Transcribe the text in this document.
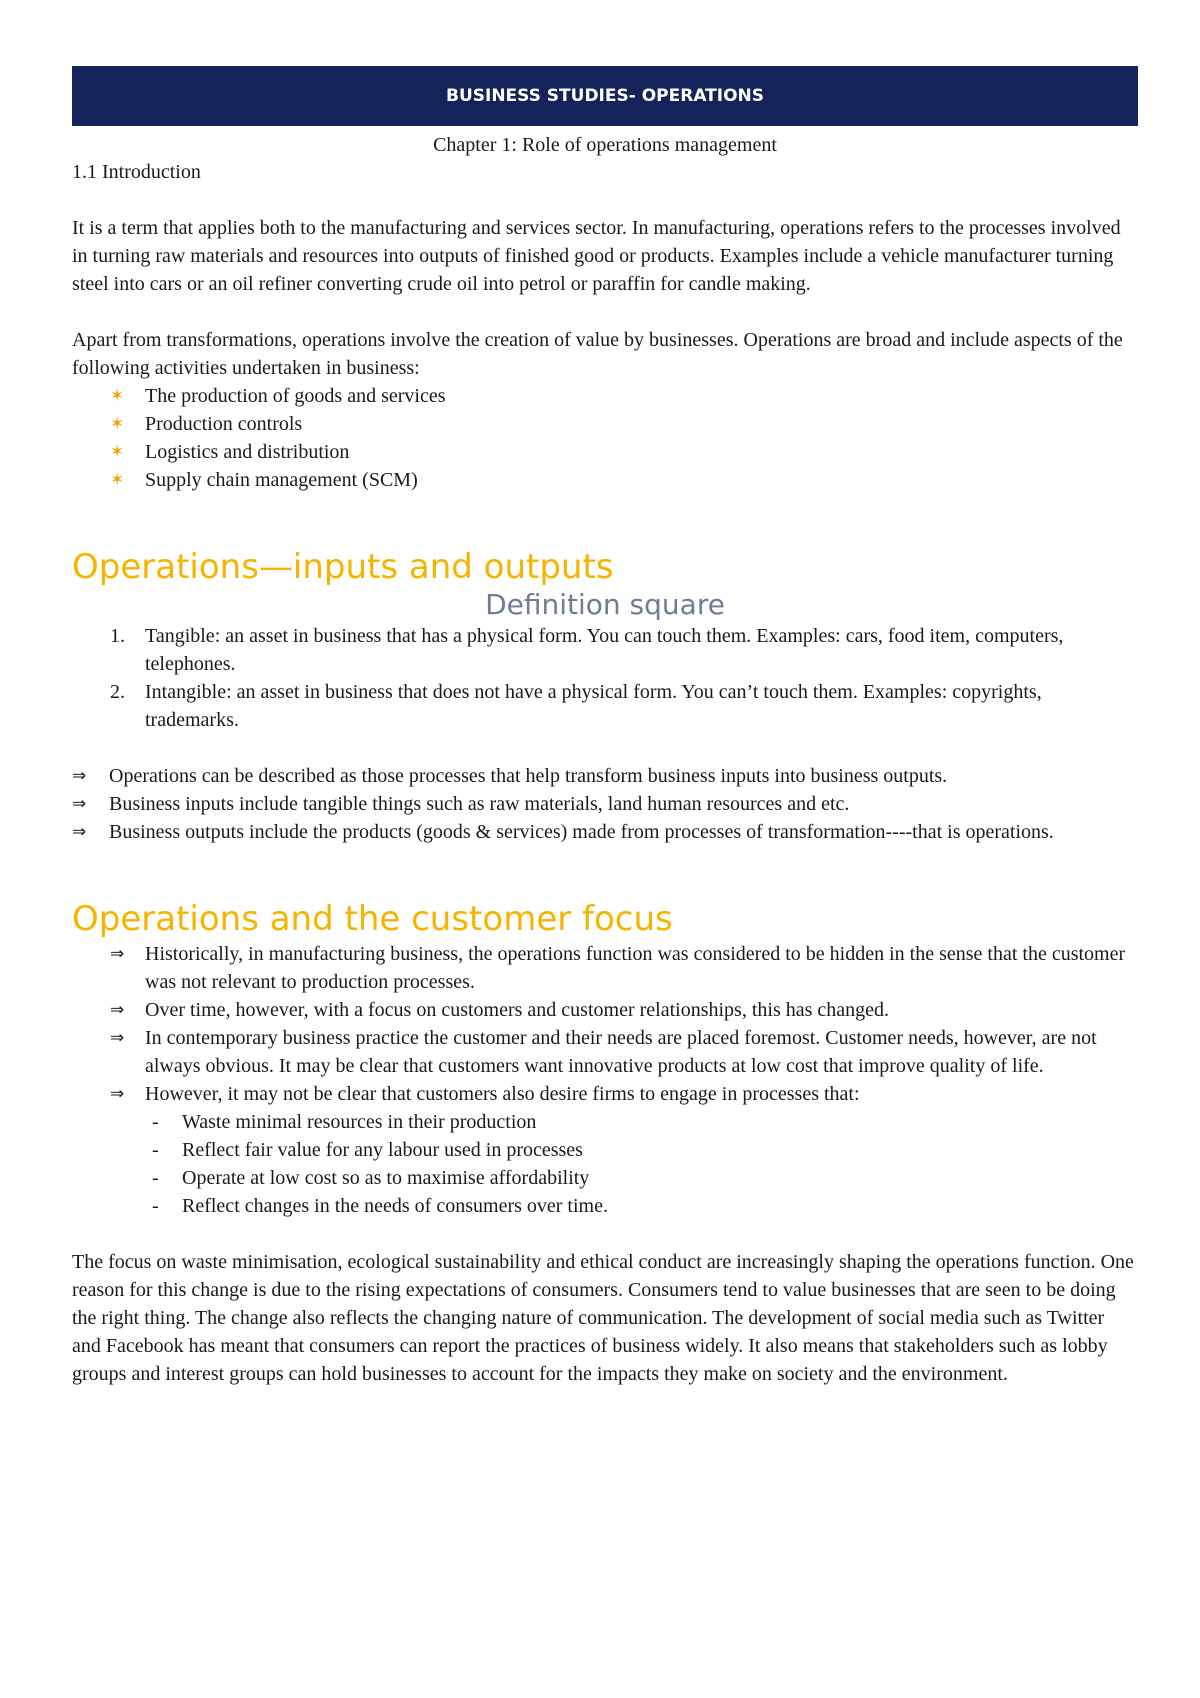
BUSINESS STUDIES- OPERATIONS
Chapter 1: Role of operations management
1.1 Introduction

It is a term that applies both to the manufacturing and services sector. In manufacturing, operations refers to the processes involved in turning raw materials and resources into outputs of finished good or products. Examples include a vehicle manufacturer turning steel into cars or an oil refiner converting crude oil into petrol or paraffin for candle making.

Apart from transformations, operations involve the creation of value by businesses. Operations are broad and include aspects of the following activities undertaken in business:

✶ The production of goods and services
✶ Production controls
✶ Logistics and distribution
✶ Supply chain management (SCM)
Operations—inputs and outputs
Definition square
1. Tangible: an asset in business that has a physical form. You can touch them. Examples: cars, food item, computers, telephones.
2. Intangible: an asset in business that does not have a physical form. You can’t touch them. Examples: copyrights, trademarks.
⇒ Operations can be described as those processes that help transform business inputs into business outputs.
⇒ Business inputs include tangible things such as raw materials, land human resources and etc.
⇒ Business outputs include the products (goods & services) made from processes of transformation----that is operations.
Operations and the customer focus
⇒ Historically, in manufacturing business, the operations function was considered to be hidden in the sense that the customer was not relevant to production processes.
⇒ Over time, however, with a focus on customers and customer relationships, this has changed.
⇒ In contemporary business practice the customer and their needs are placed foremost. Customer needs, however, are not always obvious. It may be clear that customers want innovative products at low cost that improve quality of life.
⇒ However, it may not be clear that customers also desire firms to engage in processes that:
- Waste minimal resources in their production
- Reflect fair value for any labour used in processes
- Operate at low cost so as to maximise affordability
- Reflect changes in the needs of consumers over time.

The focus on waste minimisation, ecological sustainability and ethical conduct are increasingly shaping the operations function. One reason for this change is due to the rising expectations of consumers. Consumers tend to value businesses that are seen to be doing the right thing. The change also reflects the changing nature of communication. The development of social media such as Twitter and Facebook has meant that consumers can report the practices of business widely. It also means that stakeholders such as lobby groups and interest groups can hold businesses to account for the impacts they make on society and the environment.
